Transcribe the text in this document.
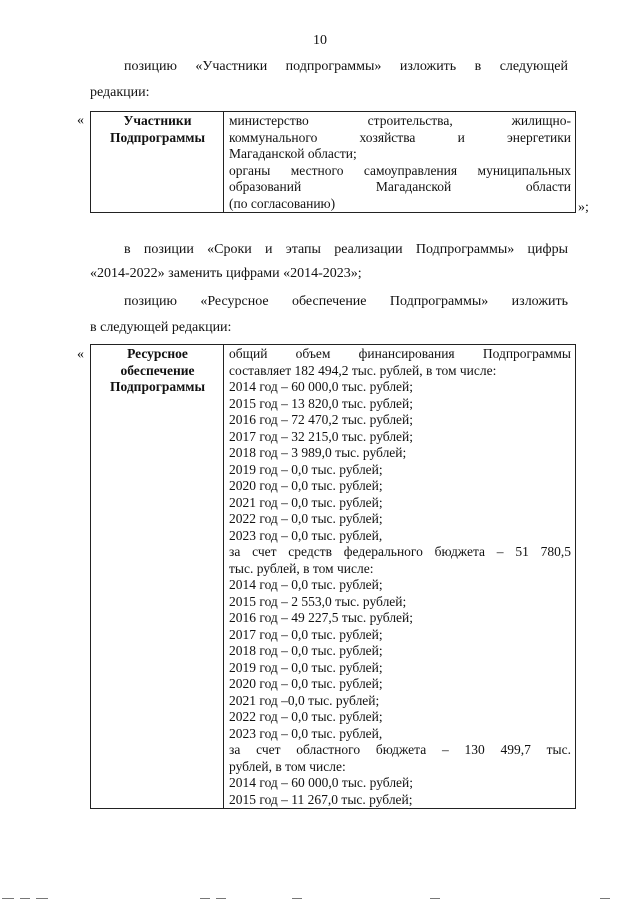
10
позицию «Участники подпрограммы» изложить в следующей
редакции:
«	Участники
Подпрограммы

министерство строительства, жилищно-
коммунального хозяйства и энергетики
Магаданской области;
органы местного самоуправления муниципальных
образований Магаданской области
(по согласованию)	»;
в позиции «Сроки и этапы реализации Подпрограммы» цифры
«2014-2022» заменить цифрами «2014-2023»;
позицию «Ресурсное обеспечение Подпрограммы» изложить
в следующей редакции:
«	Ресурсное
обеспечение
Подпрограммы

общий объем финансирования Подпрограммы
составляет 182 494,2 тыс. рублей, в том числе:
2014 год – 60 000,0 тыс. рублей;
2015 год – 13 820,0 тыс. рублей;
2016 год – 72 470,2 тыс. рублей;
2017 год – 32 215,0 тыс. рублей;
2018 год – 3 989,0 тыс. рублей;
2019 год – 0,0 тыс. рублей;
2020 год – 0,0 тыс. рублей;
2021 год – 0,0 тыс. рублей;
2022 год – 0,0 тыс. рублей;
2023 год – 0,0 тыс. рублей,
за счет средств федерального бюджета – 51 780,5
тыс. рублей, в том числе:
2014 год – 0,0 тыс. рублей;
2015 год – 2 553,0 тыс. рублей;
2016 год – 49 227,5 тыс. рублей;
2017 год – 0,0 тыс. рублей;
2018 год – 0,0 тыс. рублей;
2019 год – 0,0 тыс. рублей;
2020 год – 0,0 тыс. рублей;
2021 год –0,0 тыс. рублей;
2022 год – 0,0 тыс. рублей;
2023 год – 0,0 тыс. рублей,
за счет областного бюджета – 130 499,7 тыс.
рублей, в том числе:
2014 год – 60 000,0 тыс. рублей;
2015 год – 11 267,0 тыс. рублей;
